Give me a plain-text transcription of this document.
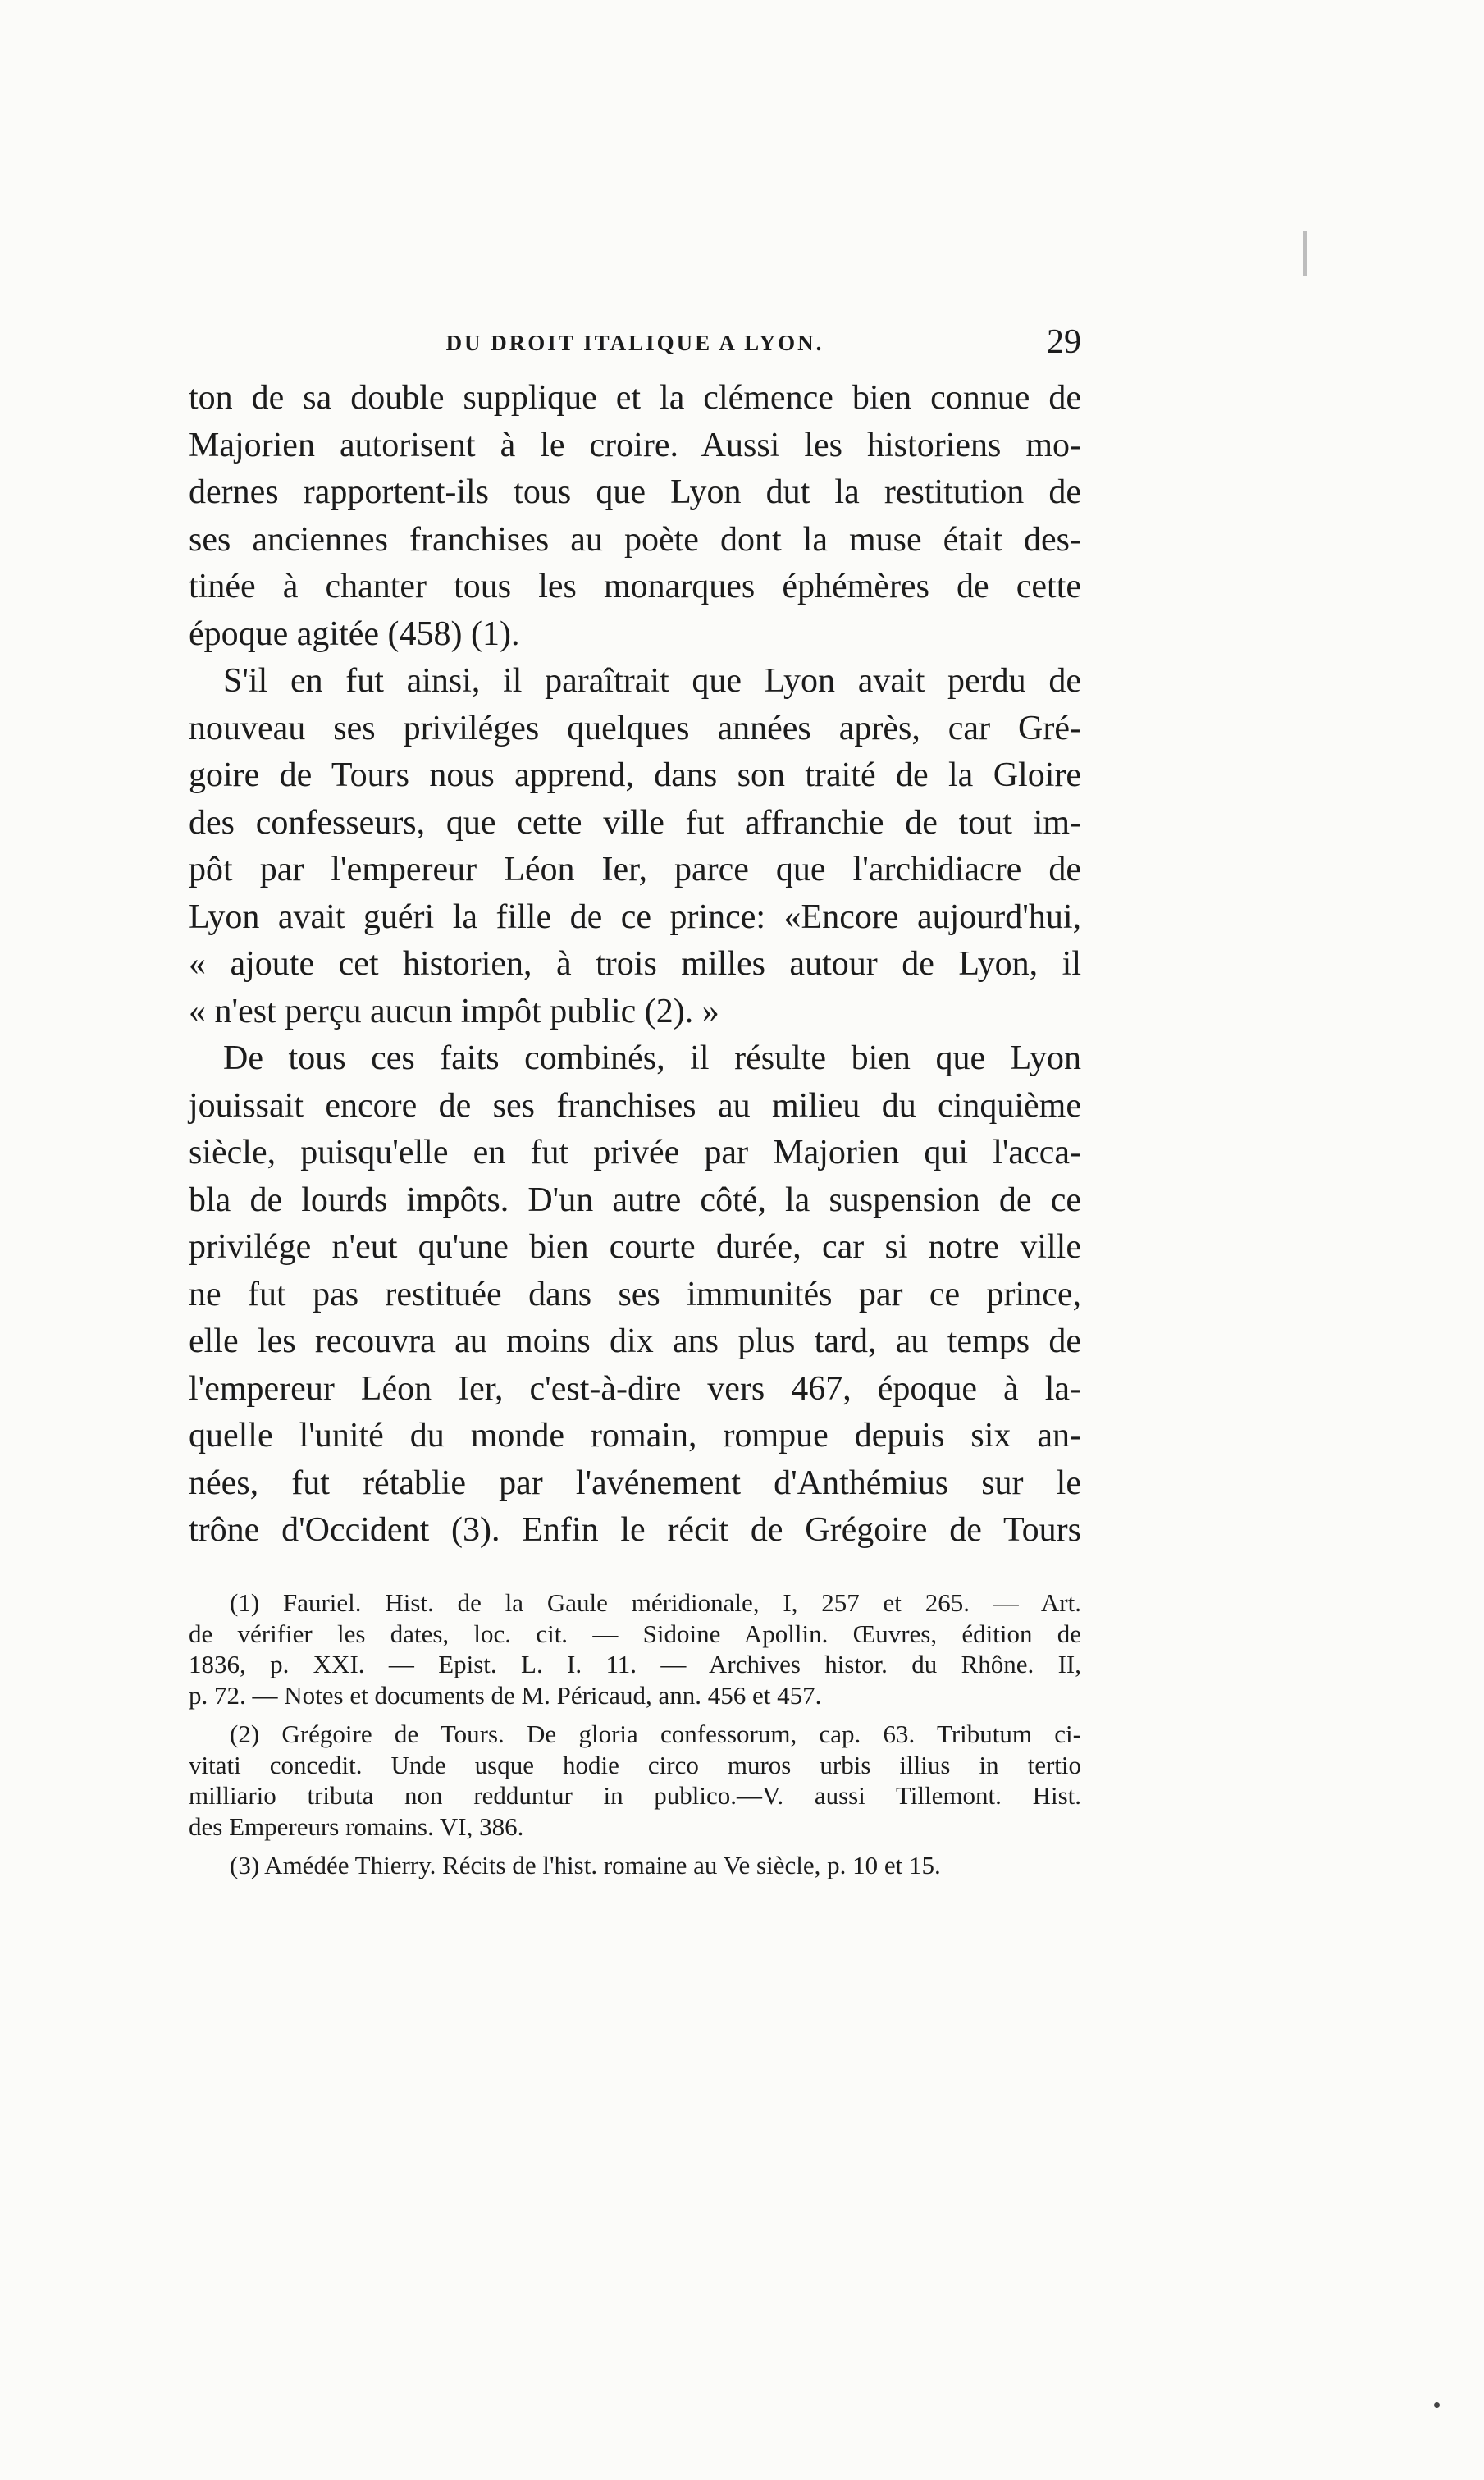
DU DROIT ITALIQUE A LYON.	29
ton de sa double supplique et la clémence bien connue de
Majorien autorisent à le croire. Aussi les historiens mo-
dernes rapportent-ils tous que Lyon dut la restitution de
ses anciennes franchises au poète dont la muse était des-
tinée à chanter tous les monarques éphémères de cette
époque agitée (458) (1).
S'il en fut ainsi, il paraîtrait que Lyon avait perdu de
nouveau ses priviléges quelques années après, car Gré-
goire de Tours nous apprend, dans son traité de la Gloire
des confesseurs, que cette ville fut affranchie de tout im-
pôt par l'empereur Léon Ier, parce que l'archidiacre de
Lyon avait guéri la fille de ce prince: «Encore aujourd'hui,
« ajoute cet historien, à trois milles autour de Lyon, il
« n'est perçu aucun impôt public (2). »
De tous ces faits combinés, il résulte bien que Lyon
jouissait encore de ses franchises au milieu du cinquième
siècle, puisqu'elle en fut privée par Majorien qui l'acca-
bla de lourds impôts. D'un autre côté, la suspension de ce
privilége n'eut qu'une bien courte durée, car si notre ville
ne fut pas restituée dans ses immunités par ce prince,
elle les recouvra au moins dix ans plus tard, au temps de
l'empereur Léon Ier, c'est-à-dire vers 467, époque à la-
quelle l'unité du monde romain, rompue depuis six an-
nées, fut rétablie par l'avénement d'Anthémius sur le
trône d'Occident (3). Enfin le récit de Grégoire de Tours
(1) Fauriel. Hist. de la Gaule méridionale, I, 257 et 265. — Art.
de vérifier les dates, loc. cit. — Sidoine Apollin. Œuvres, édition de
1836, p. XXI. — Epist. L. I. 11. — Archives histor. du Rhône. II,
p. 72. — Notes et documents de M. Péricaud, ann. 456 et 457.
(2) Grégoire de Tours. De gloria confessorum, cap. 63. Tributum ci-
vitati concedit. Unde usque hodie circo muros urbis illius in tertio
milliario tributa non redduntur in publico.—V. aussi Tillemont. Hist.
des Empereurs romains. VI, 386.
(3) Amédée Thierry. Récits de l'hist. romaine au Ve siècle, p. 10 et 15.
